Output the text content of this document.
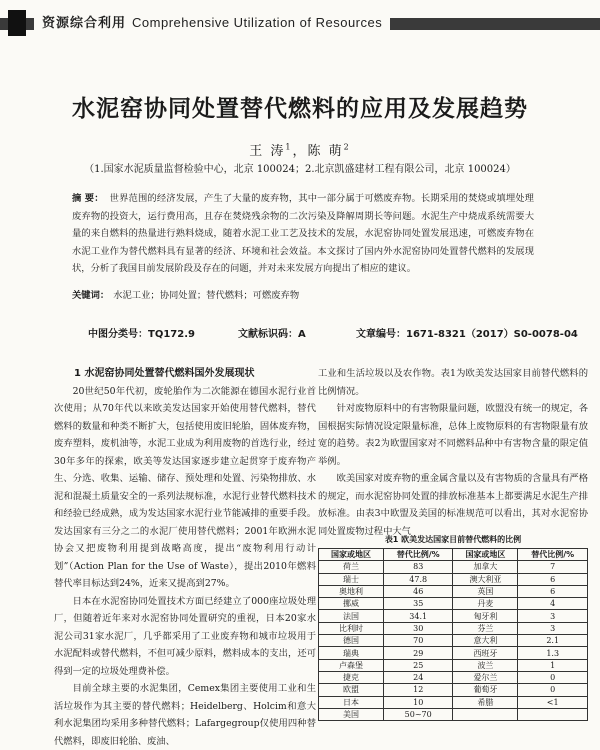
资源综合利用 Comprehensive Utilization of Resources
水泥窑协同处置替代燃料的应用及发展趋势
王 涛$^1$，陈 萌$^2$
（1.国家水泥质量监督检验中心，北京 100024；2.北京凯盛建材工程有限公司，北京 100024）
摘 要： 世界范围的经济发展，产生了大量的废弃物，其中一部分属于可燃废弃物。长期采用的焚烧或填埋处理废弃物的投资大，运行费用高，且存在焚烧残余物的二次污染及降解周期长等问题。水泥生产中烧成系统需要大量的来自燃料的热量进行熟料烧成，随着水泥工业工艺及技术的发展，水泥窑协同处置发展迅速，可燃废弃物在水泥工业作为替代燃料具有显著的经济、环境和社会效益。本文探讨了国内外水泥窑协同处置替代燃料的发展现状，分析了我国目前发展阶段及存在的问题，并对未来发展方向提出了相应的建议。
关键词： 水泥工业；协同处置；替代燃料；可燃废弃物
中图分类号：TQ172.9	文献标识码：A	文章编号：1671-8321（2017）S0-0078-04

1 水泥窑协同处置替代燃料国外发展现状

20世纪50年代初，废轮胎作为二次能源在德国水泥行业首次使用；从70年代以来欧美发达国家开始使用替代燃料，替代燃料的数量和种类不断扩大，包括使用废旧轮胎，固体废弃物，废弃塑料，废机油等，水泥工业成为利用废物的首选行业，经过30年多年的探索，欧美等发达国家逐步建立起贯穿于废弃物产生、分选、收集、运输、储存、预处理和处置、污染物排放、水泥和混凝土质量安全的一系列法规标准，水泥行业替代燃料技术和经验已经成熟，成为发达国家水泥行业节能减排的重要手段。发达国家有三分之二的水泥厂使用替代燃料；2001年欧洲水泥协会又把废物利用提到战略高度，提出“废物利用行动计划”（Action Plan for the Use of Waste），提出2010年燃料替代率目标达到24%，近来又提高到27%。

日本在水泥窑协同处置技术方面已经建立了000座垃圾处理厂，但随着近年来对水泥窑协同处置研究的重视，日本20家水泥公司31家水泥厂，几乎都采用了工业废弃物和城市垃圾用于水泥配料或替代燃料，不但可减少原料，燃料成本的支出，还可得到一定的垃圾处理费补偿。

目前全球主要的水泥集团，Cemex集团主要使用工业和生活垃圾作为其主要的替代燃料；Heidelberg、Holcim和意大利水泥集团均采用多种替代燃料；Lafargegroup仅使用四种替代燃料，即废旧轮胎、废油、

工业和生活垃圾以及农作物。表1为欧美发达国家目前替代燃料的比例情况。

针对废物原料中的有害物限量问题，欧盟没有统一的规定，各国根据实际情况设定限量标准，总体上废物原料的有害物限量有放宽的趋势。表2为欧盟国家对不同燃料品种中有害物含量的限定值举例。

欧美国家对废弃物的重金属含量以及有害物质的含量具有严格的规定，而水泥窑协同处置的排放标准基本上都要满足水泥生产排放标准。由表3中欧盟及美国的标准规范可以看出，其对水泥窑协同处置废物过程中大气

表1 欧美发达国家目前替代燃料的比例
国家或地区	替代比例/%	国家或地区	替代比例/%
荷兰	83	加拿大	7
瑞士	47.8	澳大利亚	6
奥地利	46	英国	6
挪威	35	丹麦	4
法国	34.1	匈牙利	3
比利时	30	芬兰	3
德国	70	意大利	2.1
瑞典	29	西班牙	1.3
卢森堡	25	波兰	1
捷克	24	爱尔兰	0
欧盟	12	葡萄牙	0
日本	10	希腊	<1
美国	50~70		
